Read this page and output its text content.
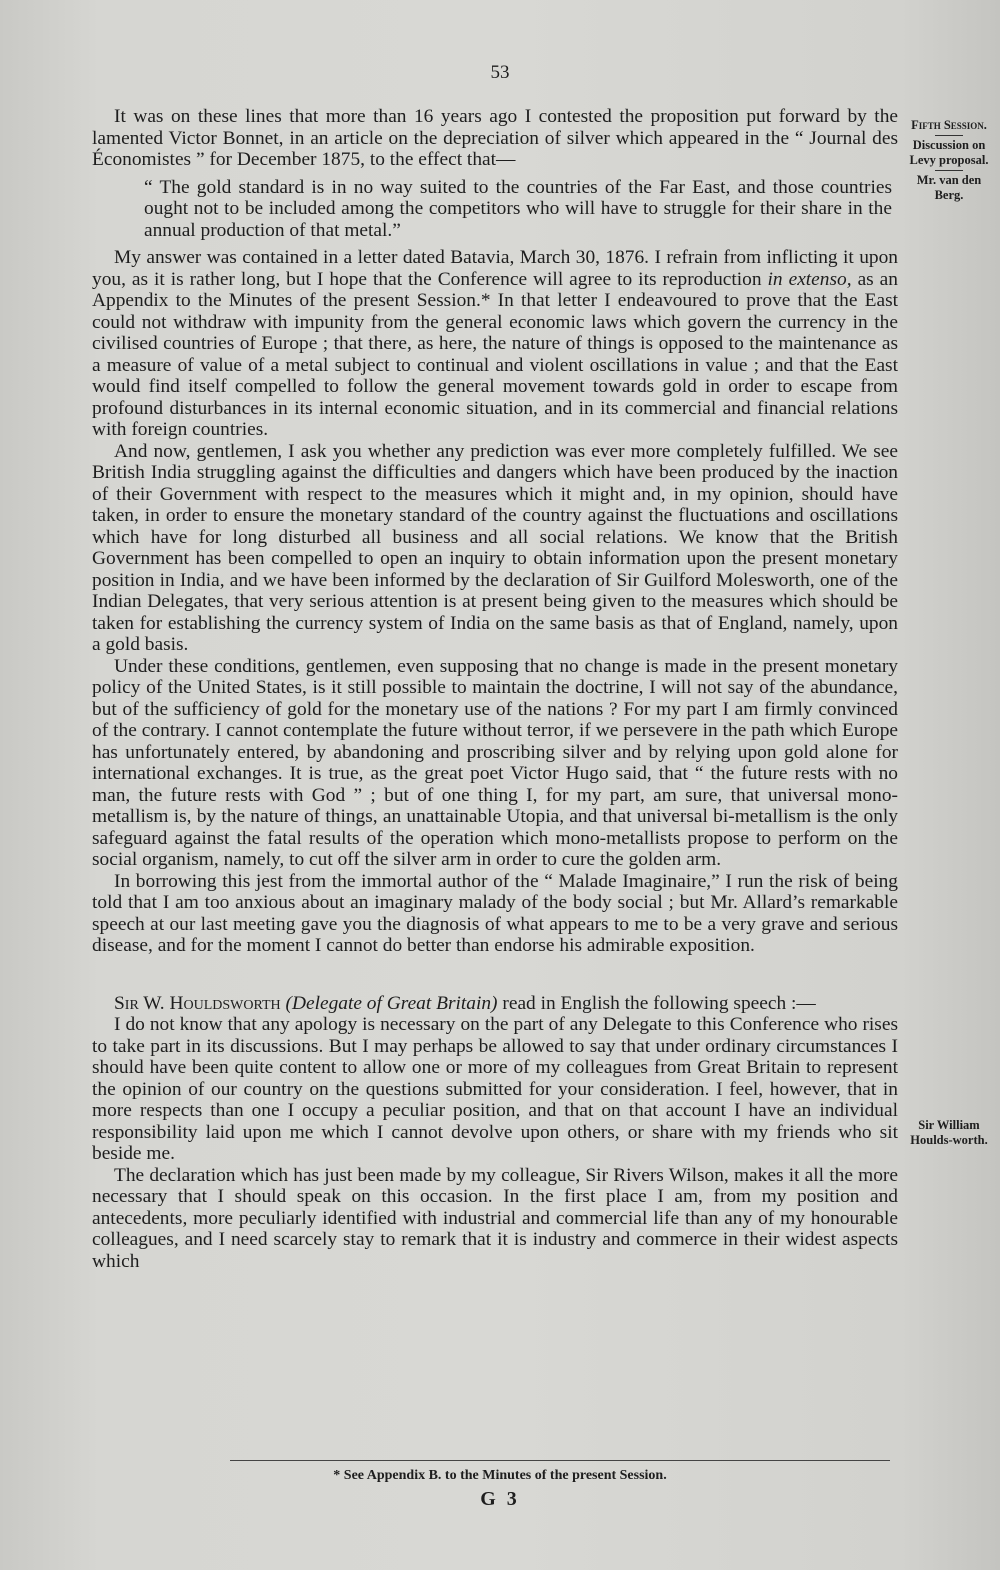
53

It was on these lines that more than 16 years ago I contested the proposition put forward by the lamented Victor Bonnet, in an article on the depreciation of silver which appeared in the “ Journal des Économistes ” for December 1875, to the effect that—

“ The gold standard is in no way suited to the countries of the Far East, and those countries ought not to be included among the competitors who will have to struggle for their share in the annual production of that metal.”

My answer was contained in a letter dated Batavia, March 30, 1876. I refrain from inflicting it upon you, as it is rather long, but I hope that the Conference will agree to its reproduction in extenso, as an Appendix to the Minutes of the present Session.* In that letter I endeavoured to prove that the East could not withdraw with impunity from the general economic laws which govern the currency in the civilised countries of Europe ; that there, as here, the nature of things is opposed to the maintenance as a measure of value of a metal subject to continual and violent oscillations in value ; and that the East would find itself compelled to follow the general movement towards gold in order to escape from profound disturbances in its internal economic situation, and in its commercial and financial relations with foreign countries.

And now, gentlemen, I ask you whether any prediction was ever more completely fulfilled. We see British India struggling against the difficulties and dangers which have been produced by the inaction of their Government with respect to the measures which it might and, in my opinion, should have taken, in order to ensure the monetary standard of the country against the fluctuations and oscillations which have for long disturbed all business and all social relations. We know that the British Government has been compelled to open an inquiry to obtain information upon the present monetary position in India, and we have been informed by the declaration of Sir Guilford Molesworth, one of the Indian Delegates, that very serious attention is at present being given to the measures which should be taken for establishing the currency system of India on the same basis as that of England, namely, upon a gold basis.

Under these conditions, gentlemen, even supposing that no change is made in the present monetary policy of the United States, is it still possible to maintain the doctrine, I will not say of the abundance, but of the sufficiency of gold for the monetary use of the nations ? For my part I am firmly convinced of the contrary. I cannot contemplate the future without terror, if we persevere in the path which Europe has unfortunately entered, by abandoning and proscribing silver and by relying upon gold alone for international exchanges. It is true, as the great poet Victor Hugo said, that “ the future rests with no man, the future rests with God ” ; but of one thing I, for my part, am sure, that universal mono-metallism is, by the nature of things, an unattainable Utopia, and that universal bi-metallism is the only safeguard against the fatal results of the operation which mono-metallists propose to perform on the social organism, namely, to cut off the silver arm in order to cure the golden arm.

In borrowing this jest from the immortal author of the “ Malade Imaginaire,” I run the risk of being told that I am too anxious about an imaginary malady of the body social ; but Mr. Allard’s remarkable speech at our last meeting gave you the diagnosis of what appears to me to be a very grave and serious disease, and for the moment I cannot do better than endorse his admirable exposition.

Sir W. Houldsworth (Delegate of Great Britain) read in English the following speech :—

I do not know that any apology is necessary on the part of any Delegate to this Conference who rises to take part in its discussions. But I may perhaps be allowed to say that under ordinary circumstances I should have been quite content to allow one or more of my colleagues from Great Britain to represent the opinion of our country on the questions submitted for your consideration. I feel, however, that in more respects than one I occupy a peculiar position, and that on that account I have an individual responsibility laid upon me which I cannot devolve upon others, or share with my friends who sit beside me.

The declaration which has just been made by my colleague, Sir Rivers Wilson, makes it all the more necessary that I should speak on this occasion. In the first place I am, from my position and antecedents, more peculiarly identified with industrial and commercial life than any of my honourable colleagues, and I need scarcely stay to remark that it is industry and commerce in their widest aspects which

Fifth Session.
Discussion on Levy proposal.
Mr. van den Berg.
Sir William Houlds-worth.
* See Appendix B. to the Minutes of the present Session.
G 3
